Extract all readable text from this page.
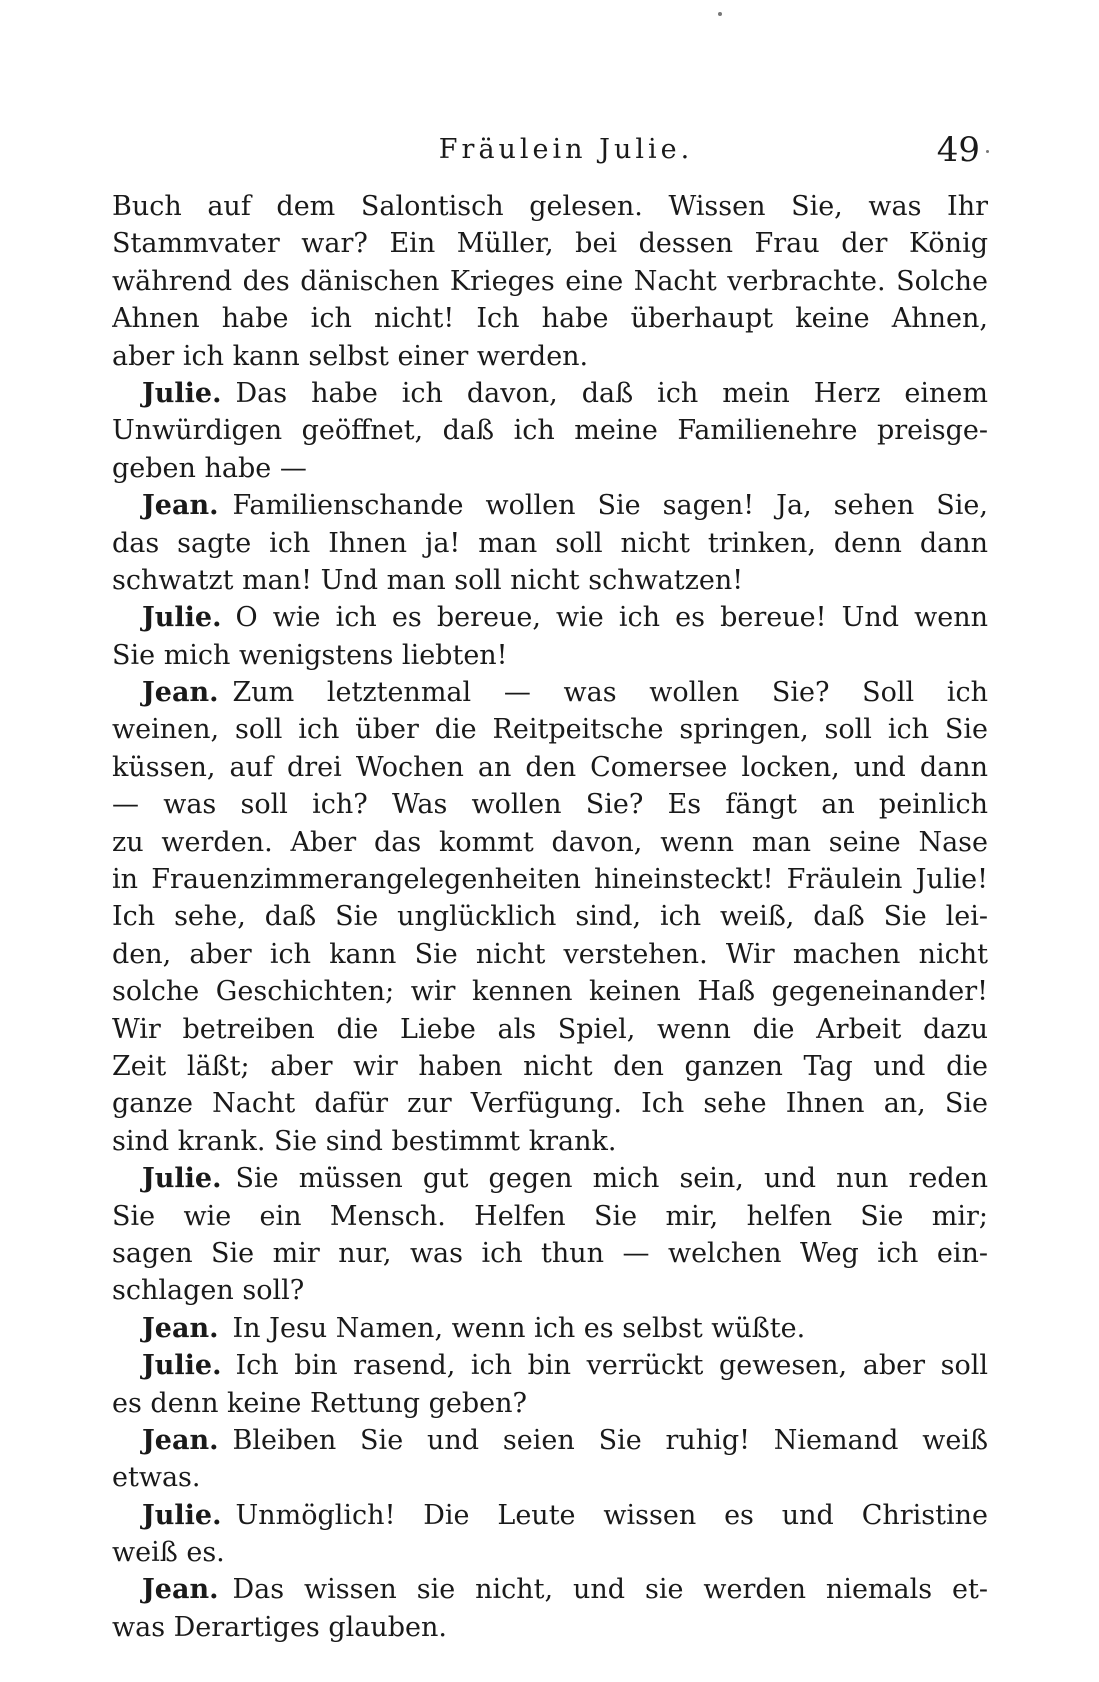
Fräulein Julie.	49
Buch auf dem Salontisch gelesen. Wissen Sie, was Ihr
Stammvater war? Ein Müller, bei dessen Frau der König
während des dänischen Krieges eine Nacht verbrachte. Solche
Ahnen habe ich nicht! Ich habe überhaupt keine Ahnen,
aber ich kann selbst einer werden.
Julie. Das habe ich davon, daß ich mein Herz einem
Unwürdigen geöffnet, daß ich meine Familienehre preisge-
geben habe —
Jean. Familienschande wollen Sie sagen! Ja, sehen Sie,
das sagte ich Ihnen ja! man soll nicht trinken, denn dann
schwatzt man! Und man soll nicht schwatzen!
Julie. O wie ich es bereue, wie ich es bereue! Und wenn
Sie mich wenigstens liebten!
Jean. Zum letztenmal — was wollen Sie? Soll ich
weinen, soll ich über die Reitpeitsche springen, soll ich Sie
küssen, auf drei Wochen an den Comersee locken, und dann
— was soll ich? Was wollen Sie? Es fängt an peinlich
zu werden. Aber das kommt davon, wenn man seine Nase
in Frauenzimmerangelegenheiten hineinsteckt! Fräulein Julie!
Ich sehe, daß Sie unglücklich sind, ich weiß, daß Sie lei-
den, aber ich kann Sie nicht verstehen. Wir machen nicht
solche Geschichten; wir kennen keinen Haß gegeneinander!
Wir betreiben die Liebe als Spiel, wenn die Arbeit dazu
Zeit läßt; aber wir haben nicht den ganzen Tag und die
ganze Nacht dafür zur Verfügung. Ich sehe Ihnen an, Sie
sind krank. Sie sind bestimmt krank.
Julie. Sie müssen gut gegen mich sein, und nun reden
Sie wie ein Mensch. Helfen Sie mir, helfen Sie mir;
sagen Sie mir nur, was ich thun — welchen Weg ich ein-
schlagen soll?
Jean. In Jesu Namen, wenn ich es selbst wüßte.
Julie. Ich bin rasend, ich bin verrückt gewesen, aber soll
es denn keine Rettung geben?
Jean. Bleiben Sie und seien Sie ruhig! Niemand weiß
etwas.
Julie. Unmöglich! Die Leute wissen es und Christine
weiß es.
Jean. Das wissen sie nicht, und sie werden niemals et-
was Derartiges glauben.
